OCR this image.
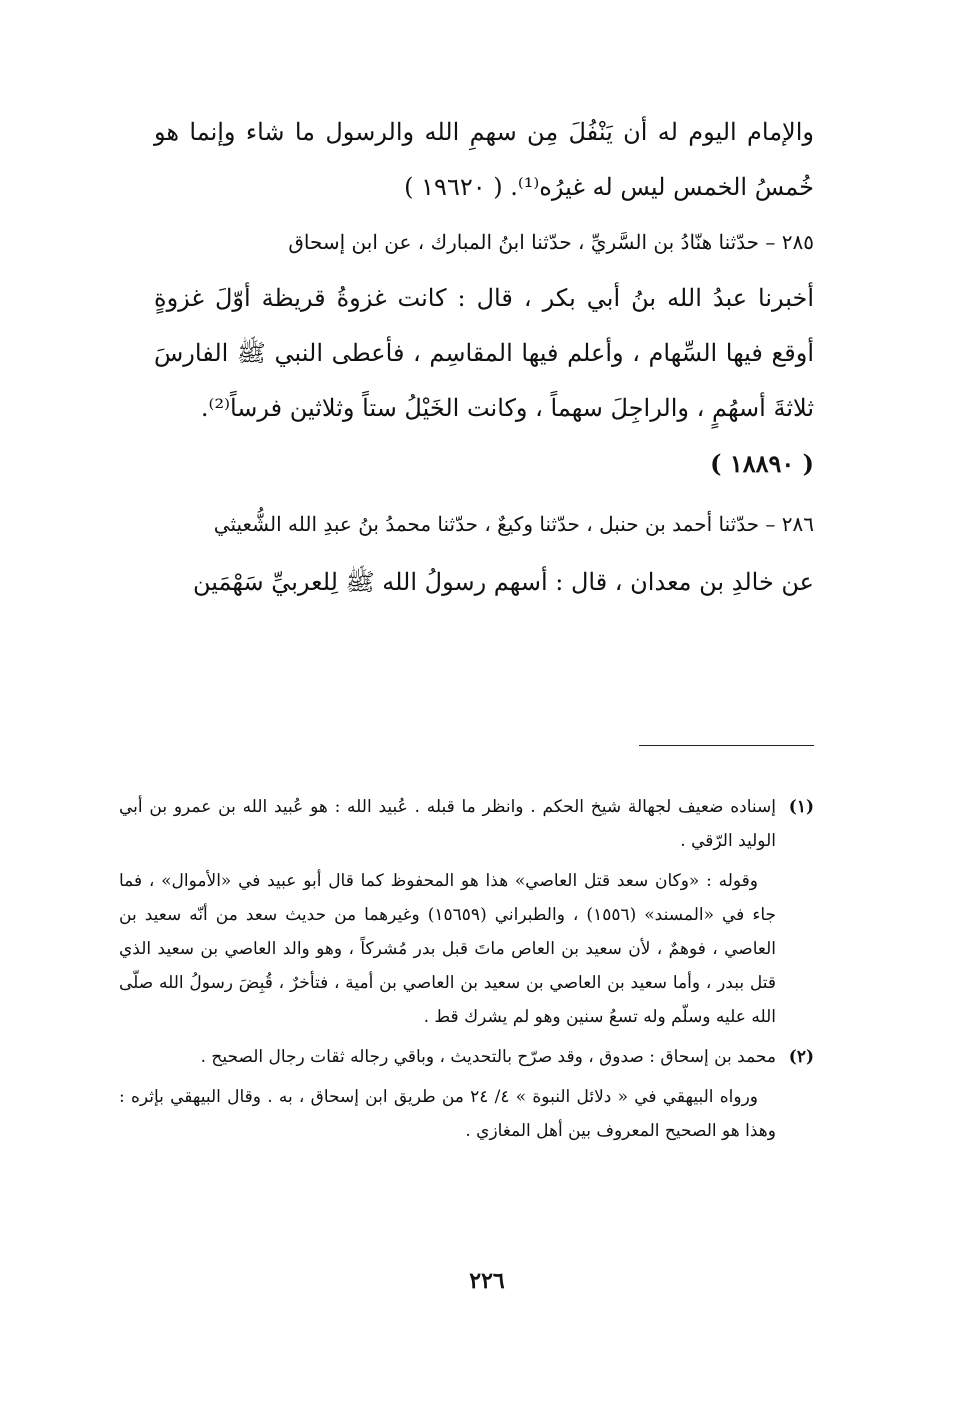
والإمام اليوم له أن يَنْفُلَ مِن سهمِ الله والرسول ما شاء وإنما هو خُمسُ الخمس ليس له غيرُه⁽¹⁾. ( ١٩٦٢٠ )

٢٨٥ – حدّثنا هنّادُ بن السَّريِّ ، حدّثنا ابنُ المبارك ، عن ابن إسحاق

أخبرنا عبدُ الله بنُ أبي بكر ، قال : كانت غزوةُ قريظة أوّلَ غزوةٍ أوقع فيها السِّهام ، وأعلم فيها المقاسِم ، فأعطى النبي ﷺ الفارسَ ثلاثةَ أسهُمٍ ، والراجِلَ سهماً ، وكانت الخَيْلُ ستاً وثلاثين فرساً⁽²⁾.

( ١٨٨٩٠ )

٢٨٦ – حدّثنا أحمد بن حنبل ، حدّثنا وكيعٌ ، حدّثنا محمدُ بنُ عبدِ الله الشُّعيثي

عن خالدِ بن معدان ، قال : أسهم رسولُ الله ﷺ لِلعربيِّ سَهْمَين

(١)
إسناده ضعيف لجهالة شيخ الحكم . وانظر ما قبله . عُبيد الله : هو عُبيد الله بن عمرو بن أبي الوليد الرّقي .

وقوله : «وكان سعد قتل العاصي» هذا هو المحفوظ كما قال أبو عبيد في «الأموال» ، فما جاء في «المسند» (١٥٥٦) ، والطبراني (١٥٦٥٩) وغيرهما من حديث سعد من أنّه سعيد بن العاصي ، فوهمٌ ، لأن سعيد بن العاص ماتَ قبل بدر مُشركاً ، وهو والد العاصي بن سعيد الذي قتل ببدر ، وأما سعيد بن العاصي بن سعيد بن العاصي بن أمية ، فتأخرٌ ، قُبِضَ رسولُ الله صلّى الله عليه وسلّم وله تسعُ سنين وهو لم يشرك قط .

(٢)
محمد بن إسحاق : صدوق ، وقد صرّح بالتحديث ، وباقي رجاله ثقات رجال الصحيح .

ورواه البيهقي في « دلائل النبوة » ٤/ ٢٤ من طريق ابن إسحاق ، به . وقال البيهقي بإثره : وهذا هو الصحيح المعروف بين أهل المغازي .

٢٢٦
